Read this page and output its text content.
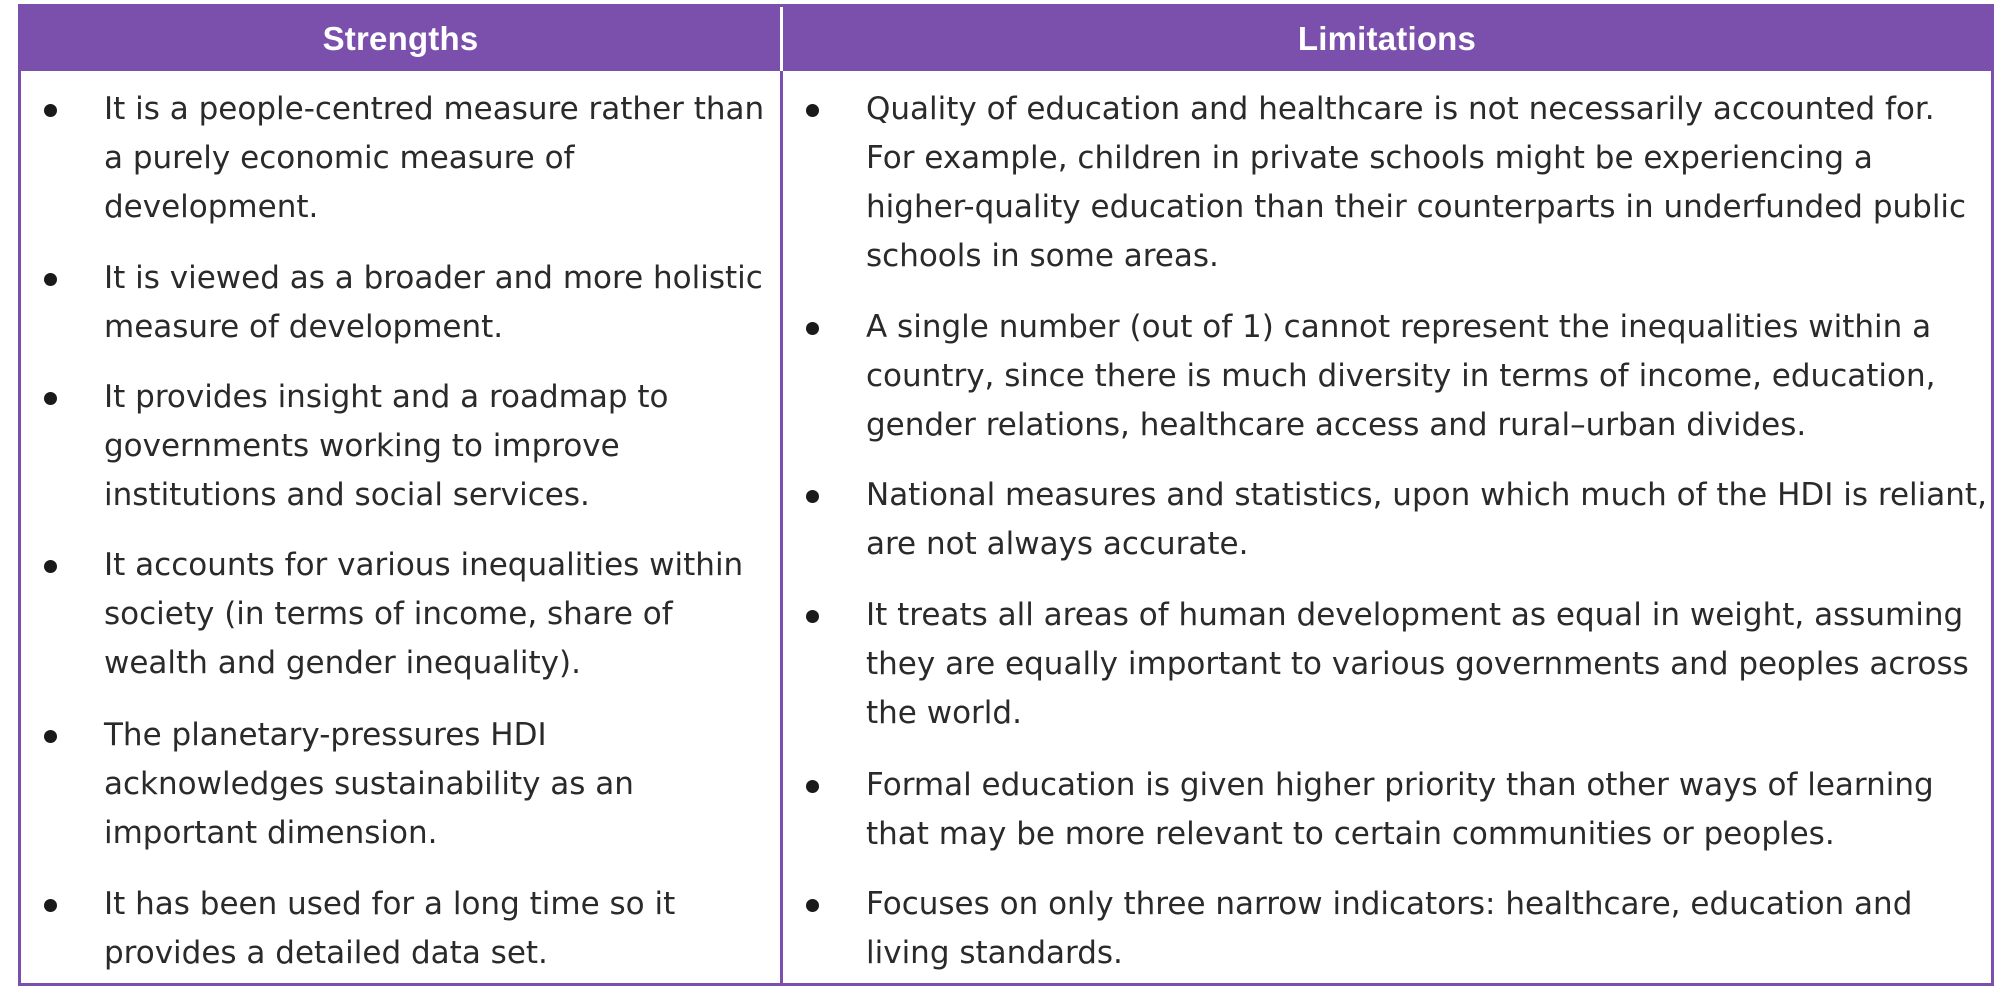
Strengths	Limitations
It is a people-centred measure rather than a purely economic measure of development.
It is viewed as a broader and more holistic measure of development.
It provides insight and a roadmap to governments working to improve institutions and social services.
It accounts for various inequalities within society (in terms of income, share of wealth and gender inequality).
The planetary-pressures HDI acknowledges sustainability as an important dimension.
It has been used for a long time so it provides a detailed data set.
Quality of education and healthcare is not necessarily accounted for. For example, children in private schools might be experiencing a higher-quality education than their counterparts in underfunded public schools in some areas.
A single number (out of 1) cannot represent the inequalities within a country, since there is much diversity in terms of income, education, gender relations, healthcare access and rural–urban divides.
National measures and statistics, upon which much of the HDI is reliant, are not always accurate.
It treats all areas of human development as equal in weight, assuming they are equally important to various governments and peoples across the world.
Formal education is given higher priority than other ways of learning that may be more relevant to certain communities or peoples.
Focuses on only three narrow indicators: healthcare, education and living standards.
